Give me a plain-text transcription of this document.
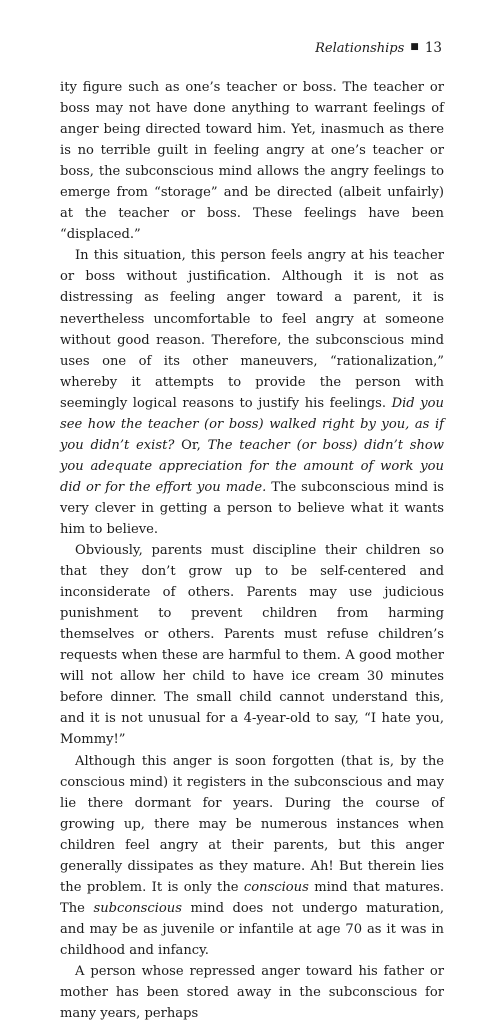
Relationships ■ 13

ity figure such as one’s teacher or boss. The teacher or boss may not have done anything to warrant feelings of anger being directed toward him. Yet, inasmuch as there is no terrible guilt in feeling angry at one’s teacher or boss, the subconscious mind allows the angry feelings to emerge from “storage” and be directed (albeit unfairly) at the teacher or boss. These feelings have been “displaced.”

In this situation, this person feels angry at his teacher or boss without justification. Although it is not as distressing as feeling anger toward a parent, it is nevertheless uncomfortable to feel angry at someone without good reason. Therefore, the subconscious mind uses one of its other maneuvers, “rationalization,” whereby it attempts to provide the person with seemingly logical reasons to justify his feelings. Did you see how the teacher (or boss) walked right by you, as if you didn’t exist? Or, The teacher (or boss) didn’t show you adequate appreciation for the amount of work you did or for the effort you made. The subconscious mind is very clever in getting a person to believe what it wants him to believe.

Obviously, parents must discipline their children so that they don’t grow up to be self-centered and inconsiderate of others. Parents may use judicious punishment to prevent children from harming themselves or others. Parents must refuse children’s requests when these are harmful to them. A good mother will not allow her child to have ice cream 30 minutes before dinner. The small child cannot understand this, and it is not unusual for a 4-year-old to say, “I hate you, Mommy!”

Although this anger is soon forgotten (that is, by the conscious mind) it registers in the subconscious and may lie there dormant for years. During the course of growing up, there may be numerous instances when children feel angry at their parents, but this anger generally dissipates as they mature. Ah! But therein lies the problem. It is only the conscious mind that matures. The subconscious mind does not undergo maturation, and may be as juvenile or infantile at age 70 as it was in childhood and infancy.

A person whose repressed anger toward his father or mother has been stored away in the subconscious for many years, perhaps
